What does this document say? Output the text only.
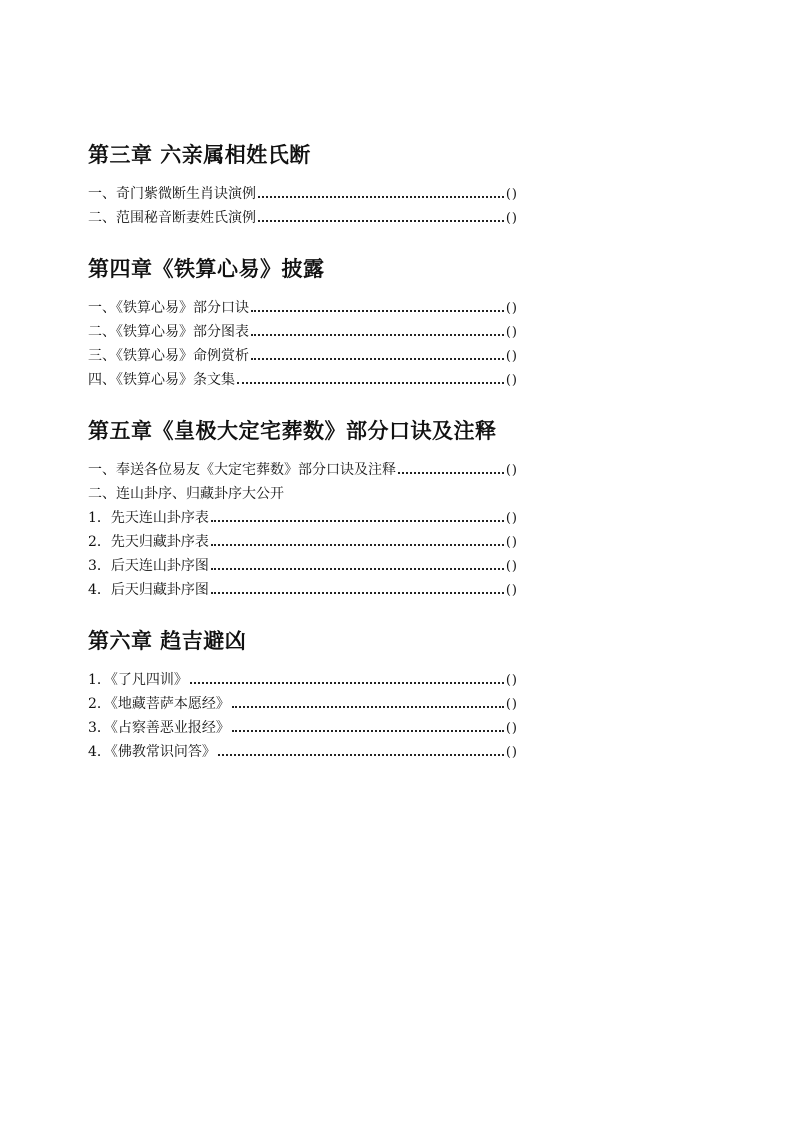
第三章 六亲属相姓氏断
一、奇门紫微断生肖诀演例	()
二、范围秘音断妻姓氏演例	()
第四章《铁算心易》披露
一、《铁算心易》部分口诀	()
二、《铁算心易》部分图表	()
三、《铁算心易》命例赏析	()
四、《铁算心易》条文集	()
第五章《皇极大定宅葬数》部分口诀及注释
一、奉送各位易友《大定宅葬数》部分口诀及注释	()
二、连山卦序、归藏卦序大公开
1．先天连山卦序表	()
2．先天归藏卦序表	()
3．后天连山卦序图	()
4．后天归藏卦序图	()
第六章 趋吉避凶
1．《了凡四训》	()
2．《地藏菩萨本愿经》	()
3．《占察善恶业报经》	()
4．《佛教常识问答》	()
